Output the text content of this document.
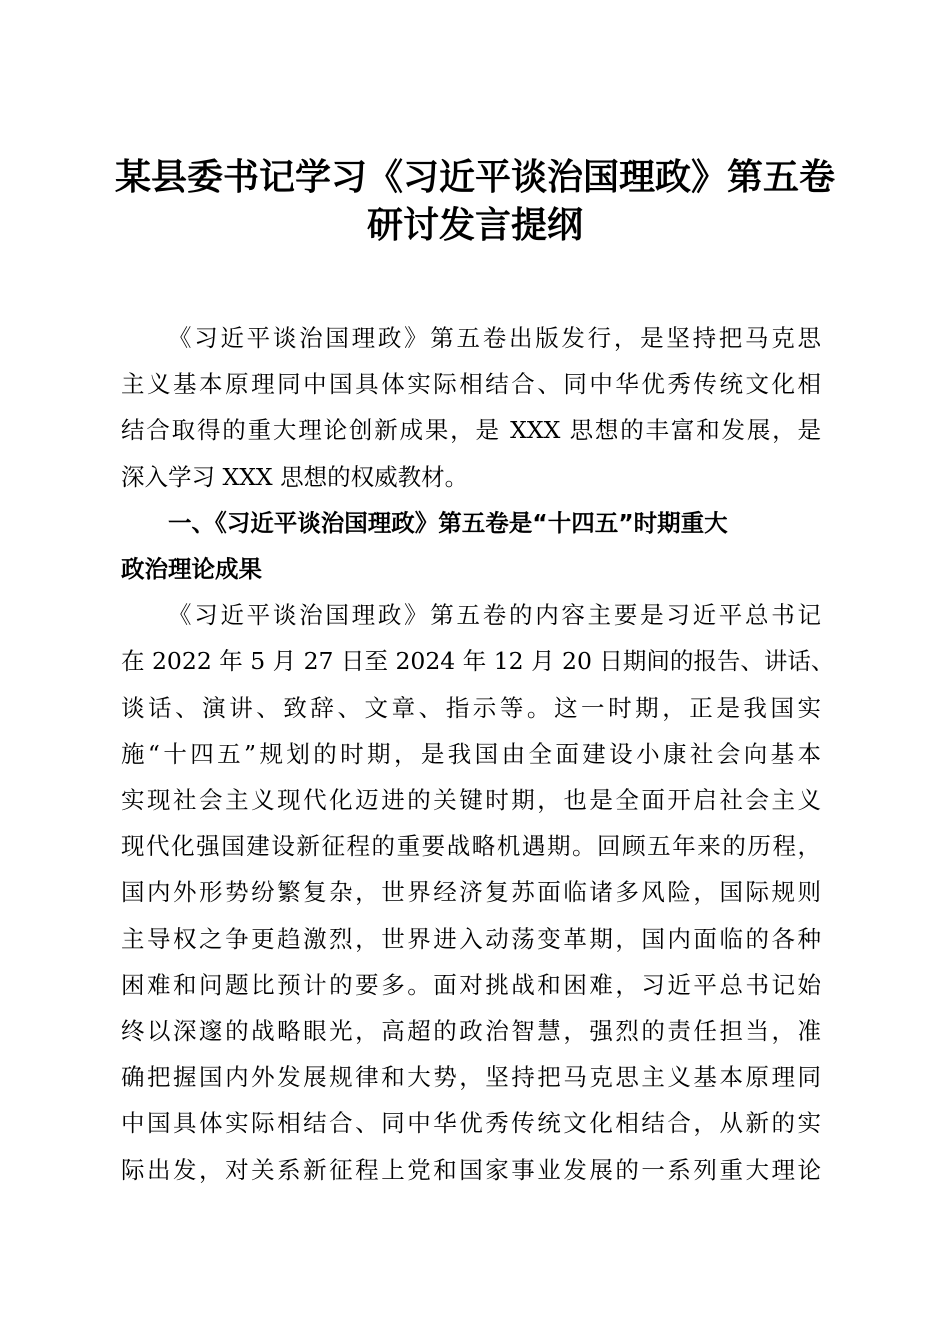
某县委书记学习《习近平谈治国理政》第五卷
研讨发言提纲

《习近平谈治国理政》第五卷出版发行，是坚持把马克思
主义基本原理同中国具体实际相结合、同中华优秀传统文化相
结合取得的重大理论创新成果，是 XXX 思想的丰富和发展，是
深入学习 XXX 思想的权威教材。

一、《习近平谈治国理政》第五卷是“十四五”时期重大
政治理论成果

《习近平谈治国理政》第五卷的内容主要是习近平总书记
在 2022 年 5 月 27 日至 2024 年 12 月 20 日期间的报告、讲话、
谈话、演讲、致辞、文章、指示等。这一时期，正是我国实
施“十四五”规划的时期，是我国由全面建设小康社会向基本
实现社会主义现代化迈进的关键时期，也是全面开启社会主义
现代化强国建设新征程的重要战略机遇期。回顾五年来的历程，
国内外形势纷繁复杂，世界经济复苏面临诸多风险，国际规则
主导权之争更趋激烈，世界进入动荡变革期，国内面临的各种
困难和问题比预计的要多。面对挑战和困难，习近平总书记始
终以深邃的战略眼光，高超的政治智慧，强烈的责任担当，准
确把握国内外发展规律和大势，坚持把马克思主义基本原理同
中国具体实际相结合、同中华优秀传统文化相结合，从新的实
际出发，对关系新征程上党和国家事业发展的一系列重大理论
